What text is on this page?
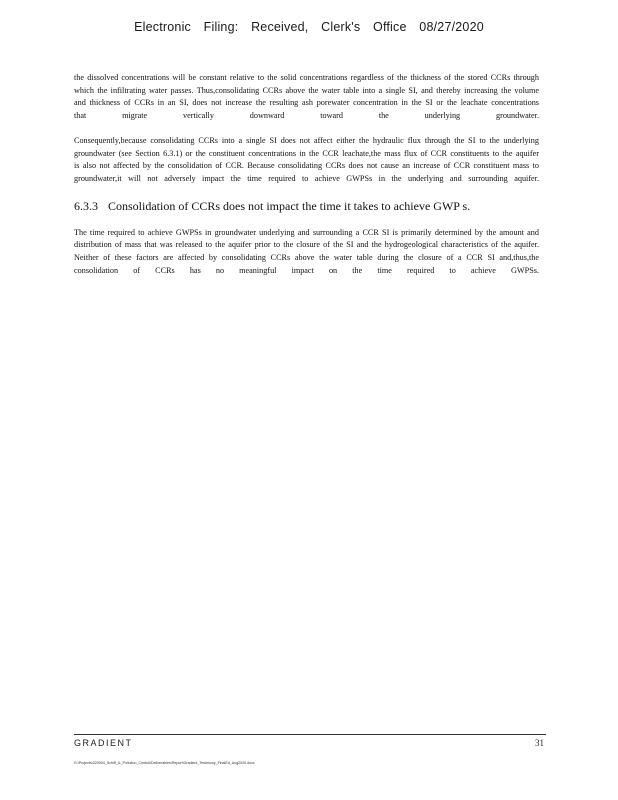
Electronic Filing: Received, Clerk's Office 08/27/2020

the dissolved concentrations will be constant relative to the solid concentrations regardless of the thickness of the stored CCRs through which the infiltrating water passes. Thus,consolidating CCRs above the water table into a single SI, and thereby increasing the volume and thickness of CCRs in an SI, does not increase the resulting ash porewater concentration in the SI or the leachate concentrations that migrate vertically downward toward the underlying groundwater.

Consequently,because consolidating CCRs into a single SI does not affect either the hydraulic flux through the SI to the underlying groundwater (see Section 6.3.1) or the constituent concentrations in the CCR leachate,the mass flux of CCR constituents to the aquifer is also not affected by the consolidation of CCR. Because consolidating CCRs does not cause an increase of CCR constituent mass to groundwater,it will not adversely impact the time required to achieve GWPSs in the underlying and surrounding aquifer.

6.3.3 Consolidation of CCRs does not impact the time it takes to achieve GWP s.

The time required to achieve GWPSs in groundwater underlying and surrounding a CCR SI is primarily determined by the amount and distribution of mass that was released to the aquifer prior to the closure of the SI and the hydrogeological characteristics of the aquifer. Neither of these factors are affected by consolidating CCRs above the water table during the closure of a CCR SI and,thus,the consolidation of CCRs has no meaningful impact on the time required to achieve GWPSs.

GRADIENT	31
G:\Projects\220004_Schiff_IL_Pollution_Control\Deliverables\Report\Gradient_Testimony_FinalEd_Aug2020.docx
